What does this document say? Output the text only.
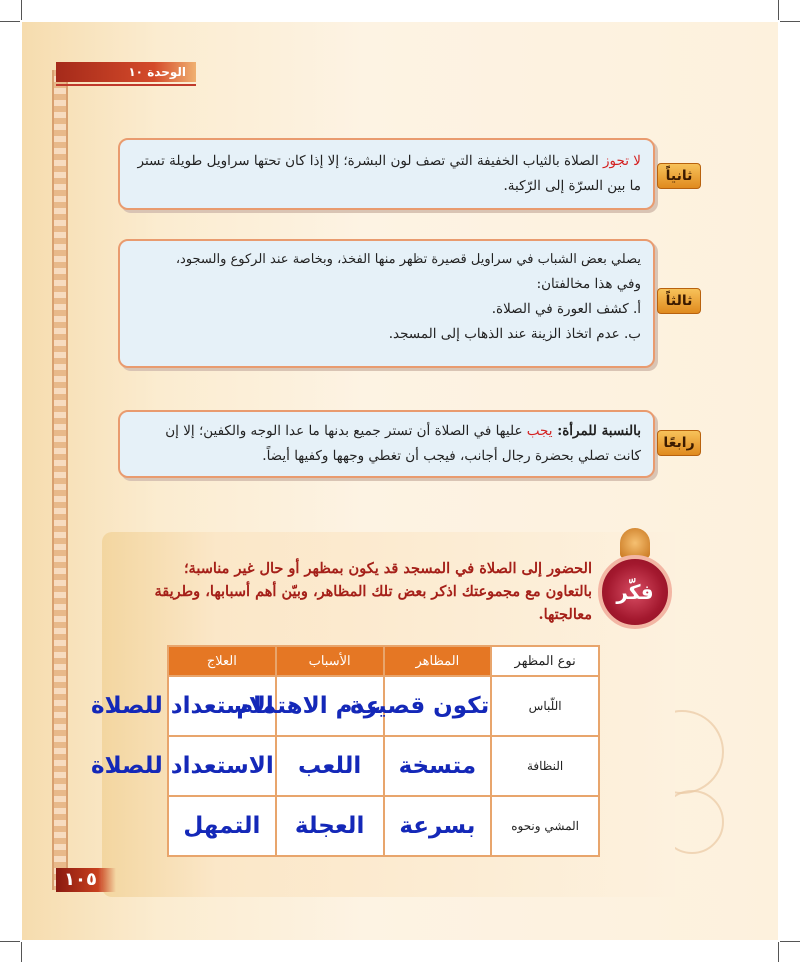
الوحدة ١٠
لا تجوز الصلاة بالثياب الخفيفة التي تصف لون البشرة؛ إلا إذا كان تحتها سراويل طويلة تستر ما بين السرّة إلى الرّكبة.
ثانياً
يصلي بعض الشباب في سراويل قصيرة تظهر منها الفخذ، وبخاصة عند الركوع والسجود،
وفي هذا مخالفتان:
أ. كشف العورة في الصلاة.
ب. عدم اتخاذ الزينة عند الذهاب إلى المسجد.
ثالثاً
بالنسبة للمرأة: يجب عليها في الصلاة أن تستر جميع بدنها ما عدا الوجه والكفين؛ إلا إن كانت تصلي بحضرة رجال أجانب، فيجب أن تغطي وجهها وكفيها أيضاً.
رابعًا
فكّر
الحضور إلى الصلاة في المسجد قد يكون بمظهر أو حال غير مناسبة؛ بالتعاون مع مجموعتك اذكر بعض تلك المظاهر، وبيّن أهم أسبابها، وطريقة معالجتها.
نوع المظهر	المظاهر	الأسباب	العلاج
اللّباس	تكون قصيرة	عدم الاهتمام	الاستعداد للصلاة
النظافة	متسخة	اللعب	الاستعداد للصلاة
المشي ونحوه	بسرعة	العجلة	التمهل
١٠٥
